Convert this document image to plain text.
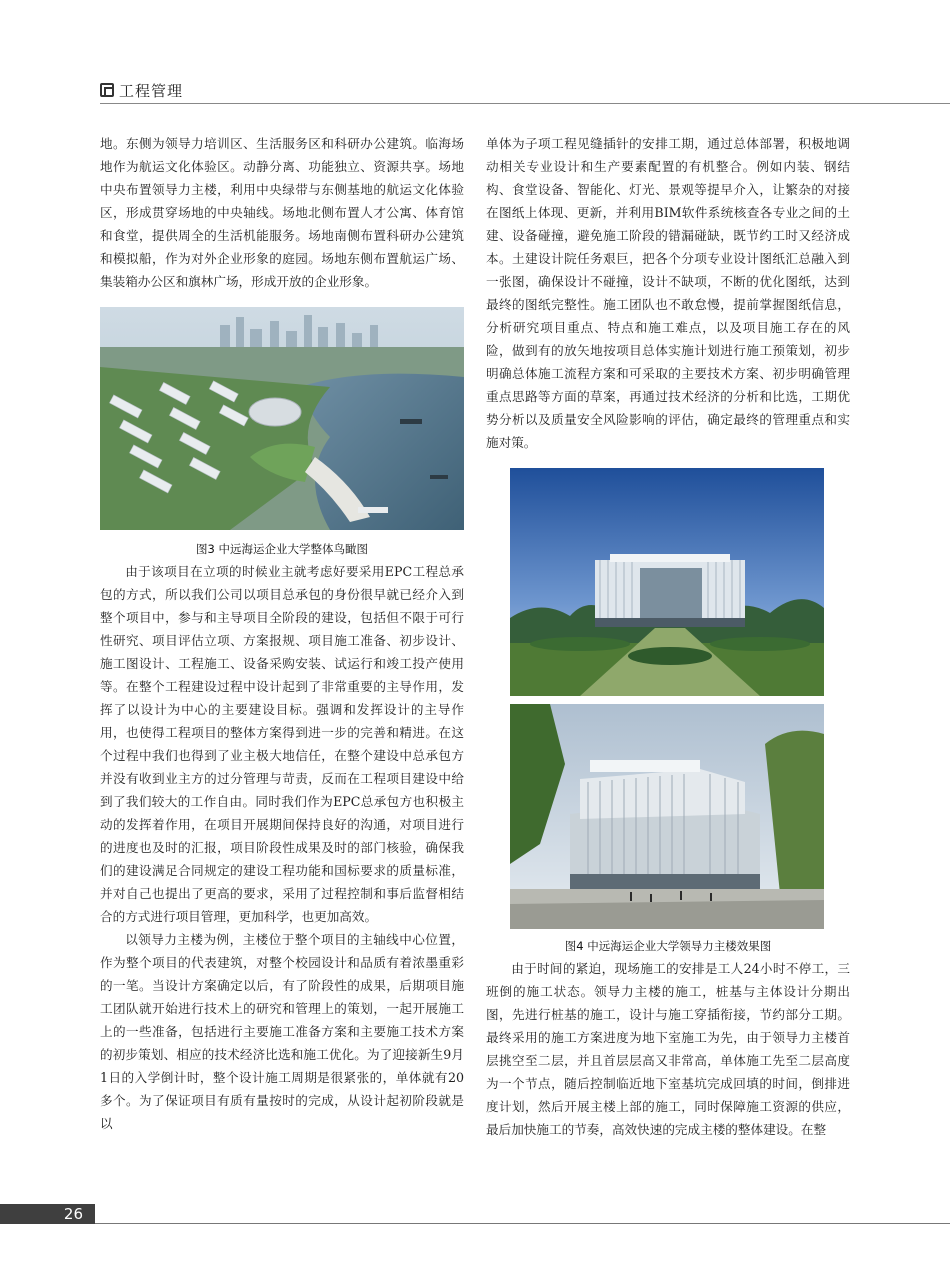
工程管理

地。东侧为领导力培训区、生活服务区和科研办公建筑。临海场地作为航运文化体验区。动静分离、功能独立、资源共享。场地中央布置领导力主楼，利用中央绿带与东侧基地的航运文化体验区，形成贯穿场地的中央轴线。场地北侧布置人才公寓、体育馆和食堂，提供周全的生活机能服务。场地南侧布置科研办公建筑和模拟船，作为对外企业形象的庭园。场地东侧布置航运广场、集装箱办公区和旗林广场，形成开放的企业形象。

图3 中远海运企业大学整体鸟瞰图

由于该项目在立项的时候业主就考虑好要采用EPC工程总承包的方式，所以我们公司以项目总承包的身份很早就已经介入到整个项目中，参与和主导项目全阶段的建设，包括但不限于可行性研究、项目评估立项、方案报规、项目施工准备、初步设计、施工图设计、工程施工、设备采购安装、试运行和竣工投产使用等。在整个工程建设过程中设计起到了非常重要的主导作用，发挥了以设计为中心的主要建设目标。强调和发挥设计的主导作用，也使得工程项目的整体方案得到进一步的完善和精进。在这个过程中我们也得到了业主极大地信任，在整个建设中总承包方并没有收到业主方的过分管理与苛责，反而在工程项目建设中给到了我们较大的工作自由。同时我们作为EPC总承包方也积极主动的发挥着作用，在项目开展期间保持良好的沟通，对项目进行的进度也及时的汇报，项目阶段性成果及时的部门核验，确保我们的建设满足合同规定的建设工程功能和国标要求的质量标准，并对自己也提出了更高的要求，采用了过程控制和事后监督相结合的方式进行项目管理，更加科学，也更加高效。

以领导力主楼为例，主楼位于整个项目的主轴线中心位置，作为整个项目的代表建筑，对整个校园设计和品质有着浓墨重彩的一笔。当设计方案确定以后，有了阶段性的成果，后期项目施工团队就开始进行技术上的研究和管理上的策划，一起开展施工上的一些准备，包括进行主要施工准备方案和主要施工技术方案的初步策划、相应的技术经济比选和施工优化。为了迎接新生9月1日的入学倒计时，整个设计施工周期是很紧张的，单体就有20多个。为了保证项目有质有量按时的完成，从设计起初阶段就是以

单体为子项工程见缝插针的安排工期，通过总体部署，积极地调动相关专业设计和生产要素配置的有机整合。例如内装、钢结构、食堂设备、智能化、灯光、景观等提早介入，让繁杂的对接在图纸上体现、更新，并利用BIM软件系统核查各专业之间的土建、设备碰撞，避免施工阶段的错漏碰缺，既节约工时又经济成本。土建设计院任务艰巨，把各个分项专业设计图纸汇总融入到一张图，确保设计不碰撞，设计不缺项，不断的优化图纸，达到最终的图纸完整性。施工团队也不敢怠慢，提前掌握图纸信息，分析研究项目重点、特点和施工难点，以及项目施工存在的风险，做到有的放矢地按项目总体实施计划进行施工预策划，初步明确总体施工流程方案和可采取的主要技术方案、初步明确管理重点思路等方面的草案，再通过技术经济的分析和比选，工期优势分析以及质量安全风险影响的评估，确定最终的管理重点和实施对策。

图4 中远海运企业大学领导力主楼效果图

由于时间的紧迫，现场施工的安排是工人24小时不停工，三班倒的施工状态。领导力主楼的施工，桩基与主体设计分期出图，先进行桩基的施工，设计与施工穿插衔接，节约部分工期。最终采用的施工方案进度为地下室施工为先，由于领导力主楼首层挑空至二层，并且首层层高又非常高，单体施工先至二层高度为一个节点，随后控制临近地下室基坑完成回填的时间，倒排进度计划，然后开展主楼上部的施工，同时保障施工资源的供应，最后加快施工的节奏，高效快速的完成主楼的整体建设。在整

26
